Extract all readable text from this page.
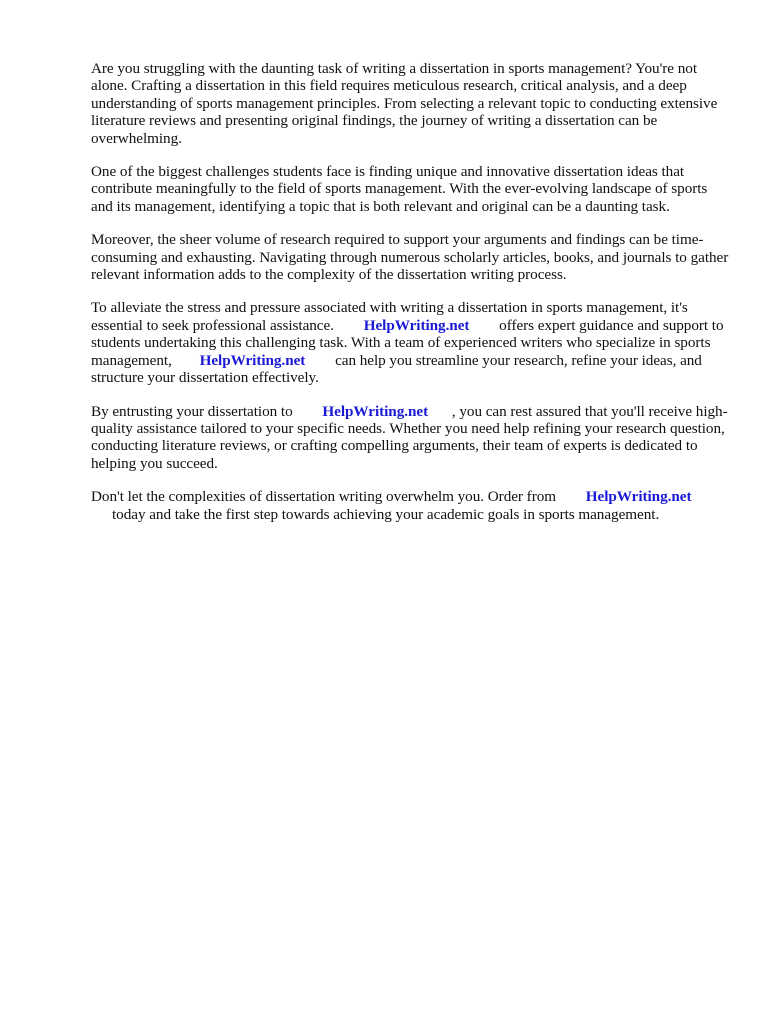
Are you struggling with the daunting task of writing a dissertation in sports management? You're not alone. Crafting a dissertation in this field requires meticulous research, critical analysis, and a deep understanding of sports management principles. From selecting a relevant topic to conducting extensive literature reviews and presenting original findings, the journey of writing a dissertation can be overwhelming.

One of the biggest challenges students face is finding unique and innovative dissertation ideas that contribute meaningfully to the field of sports management. With the ever-evolving landscape of sports and its management, identifying a topic that is both relevant and original can be a daunting task.

Moreover, the sheer volume of research required to support your arguments and findings can be time-consuming and exhausting. Navigating through numerous scholarly articles, books, and journals to gather relevant information adds to the complexity of the dissertation writing process.

To alleviate the stress and pressure associated with writing a dissertation in sports management, it's essential to seek professional assistance. HelpWriting.net offers expert guidance and support to students undertaking this challenging task. With a team of experienced writers who specialize in sports management, HelpWriting.net can help you streamline your research, refine your ideas, and structure your dissertation effectively.

By entrusting your dissertation to HelpWriting.net , you can rest assured that you'll receive high-quality assistance tailored to your specific needs. Whether you need help refining your research question, conducting literature reviews, or crafting compelling arguments, their team of experts is dedicated to helping you succeed.

Don't let the complexities of dissertation writing overwhelm you. Order from HelpWriting.net
today and take the first step towards achieving your academic goals in sports management.
